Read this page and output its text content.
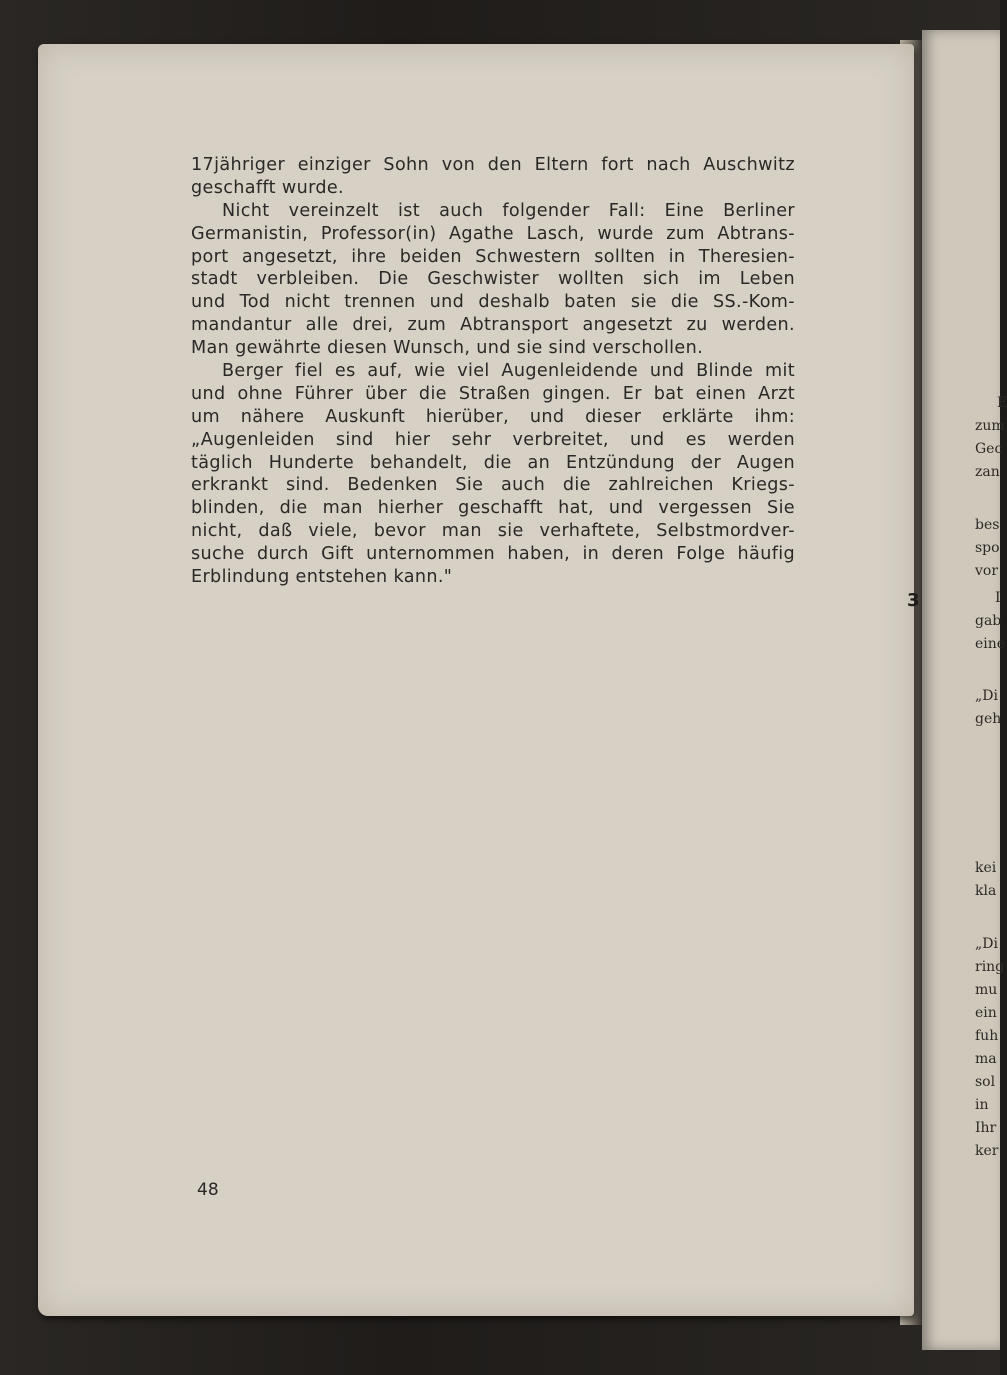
17jähriger einziger Sohn von den Eltern fort nach Auschwitz
geschafft wurde.
Nicht vereinzelt ist auch folgender Fall: Eine Berliner
Germanistin, Professor(in) Agathe Lasch, wurde zum Abtrans-
port angesetzt, ihre beiden Schwestern sollten in Theresien-
stadt verbleiben. Die Geschwister wollten sich im Leben
und Tod nicht trennen und deshalb baten sie die SS.-Kom-
mandantur alle drei, zum Abtransport angesetzt zu werden.
Man gewährte diesen Wunsch, und sie sind verschollen.
Berger fiel es auf, wie viel Augenleidende und Blinde mit
und ohne Führer über die Straßen gingen. Er bat einen Arzt
um nähere Auskunft hierüber, und dieser erklärte ihm:
„Augenleiden sind hier sehr verbreitet, und es werden
täglich Hunderte behandelt, die an Entzündung der Augen
erkrankt sind. Bedenken Sie auch die zahlreichen Kriegs-
blinden, die man hierher geschafft hat, und vergessen Sie
nicht, daß viele, bevor man sie verhaftete, Selbstmordver-
suche durch Gift unternommen haben, in deren Folge häufig
Erblindung entstehen kann."
48
3
E
zum
Gec
zan
bes
spo
vor
I
gab
eine
„Di
geh
kei
kla
„Di
ring
mu
ein
fuh
ma
sol
in
Ihr
ker
